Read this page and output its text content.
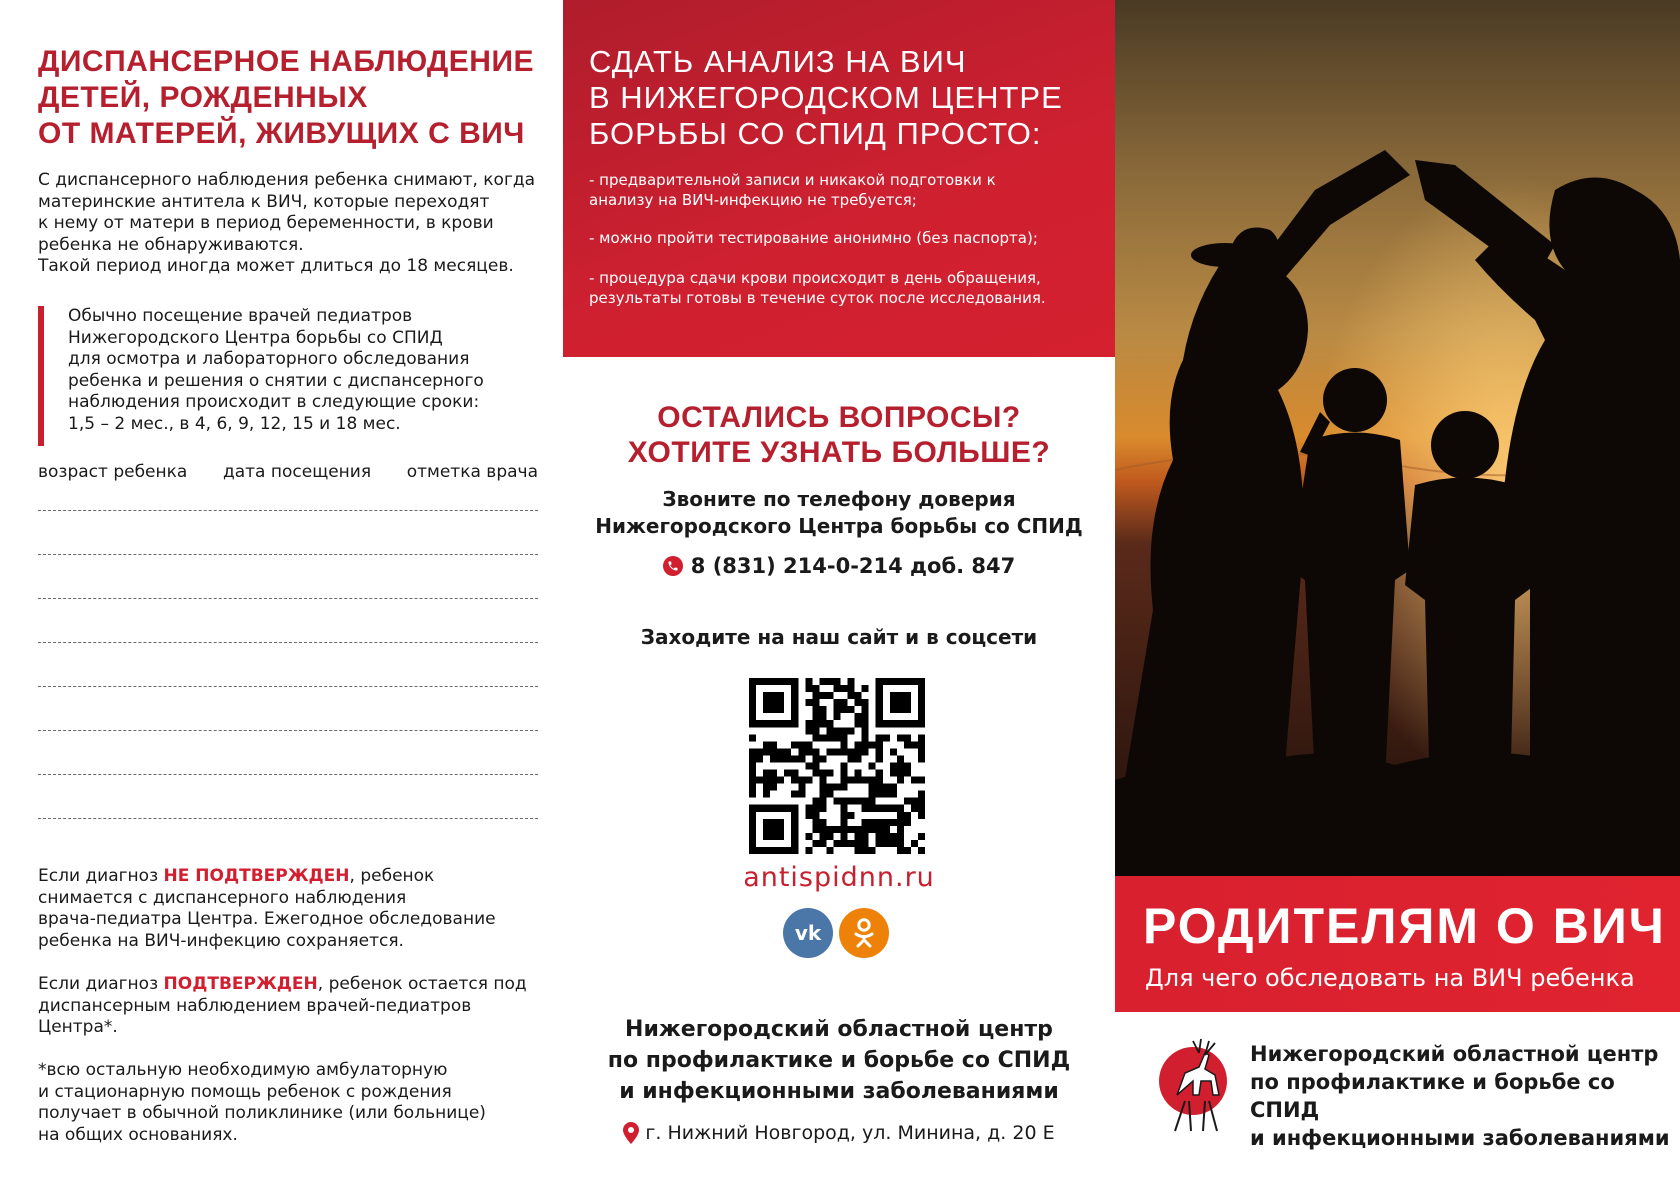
ДИСПАНСЕРНОЕ НАБЛЮДЕНИЕ
ДЕТЕЙ, РОЖДЕННЫХ
ОТ МАТЕРЕЙ, ЖИВУЩИХ С ВИЧ

С диспансерного наблюдения ребенка снимают, когда
материнские антитела к ВИЧ, которые переходят
к нему от матери в период беременности, в крови
ребенка не обнаруживаются.
Такой период иногда может длиться до 18 месяцев.

Обычно посещение врачей педиатров
Нижегородского Центра борьбы со СПИД
для осмотра и лабораторного обследования
ребенка и решения о снятии с диспансерного
наблюдения происходит в следующие сроки:
1,5 – 2 мес., в 4, 6, 9, 12, 15 и 18 мес.
возраст ребенка дата посещения отметка врача

Если диагноз НЕ ПОДТВЕРЖДЕН, ребенок
снимается с диспансерного наблюдения
врача-педиатра Центра. Ежегодное обследование
ребенка на ВИЧ-инфекцию сохраняется.

Если диагноз ПОДТВЕРЖДЕН, ребенок остается под
диспансерным наблюдением врачей-педиатров
Центра*.

*всю остальную необходимую амбулаторную
и стационарную помощь ребенок с рождения
получает в обычной поликлинике (или больнице)
на общих основаниях.

СДАТЬ АНАЛИЗ НА ВИЧ
В НИЖЕГОРОДСКОМ ЦЕНТРЕ
БОРЬБЫ СО СПИД ПРОСТО:
- предварительной записи и никакой подготовки к
анализу на ВИЧ-инфекцию не требуется;
- можно пройти тестирование анонимно (без паспорта);
- процедура сдачи крови происходит в день обращения,
результаты готовы в течение суток после исследования.
ОСТАЛИСЬ ВОПРОСЫ?
ХОТИТЕ УЗНАТЬ БОЛЬШЕ?
Звоните по телефону доверия
Нижегородского Центра борьбы со СПИД
8 (831) 214-0-214 доб. 847
Заходите на наш сайт и в соцсети
antispidnn.ru
vk
Нижегородский областной центр
по профилактике и борьбе со СПИД
и инфекционными заболеваниями
г. Нижний Новгород, ул. Минина, д. 20 Е
РОДИТЕЛЯМ О ВИЧ
Для чего обследовать на ВИЧ ребенка
Нижегородский областной центр
по профилактике и борьбе со СПИД
и инфекционными заболеваниями
